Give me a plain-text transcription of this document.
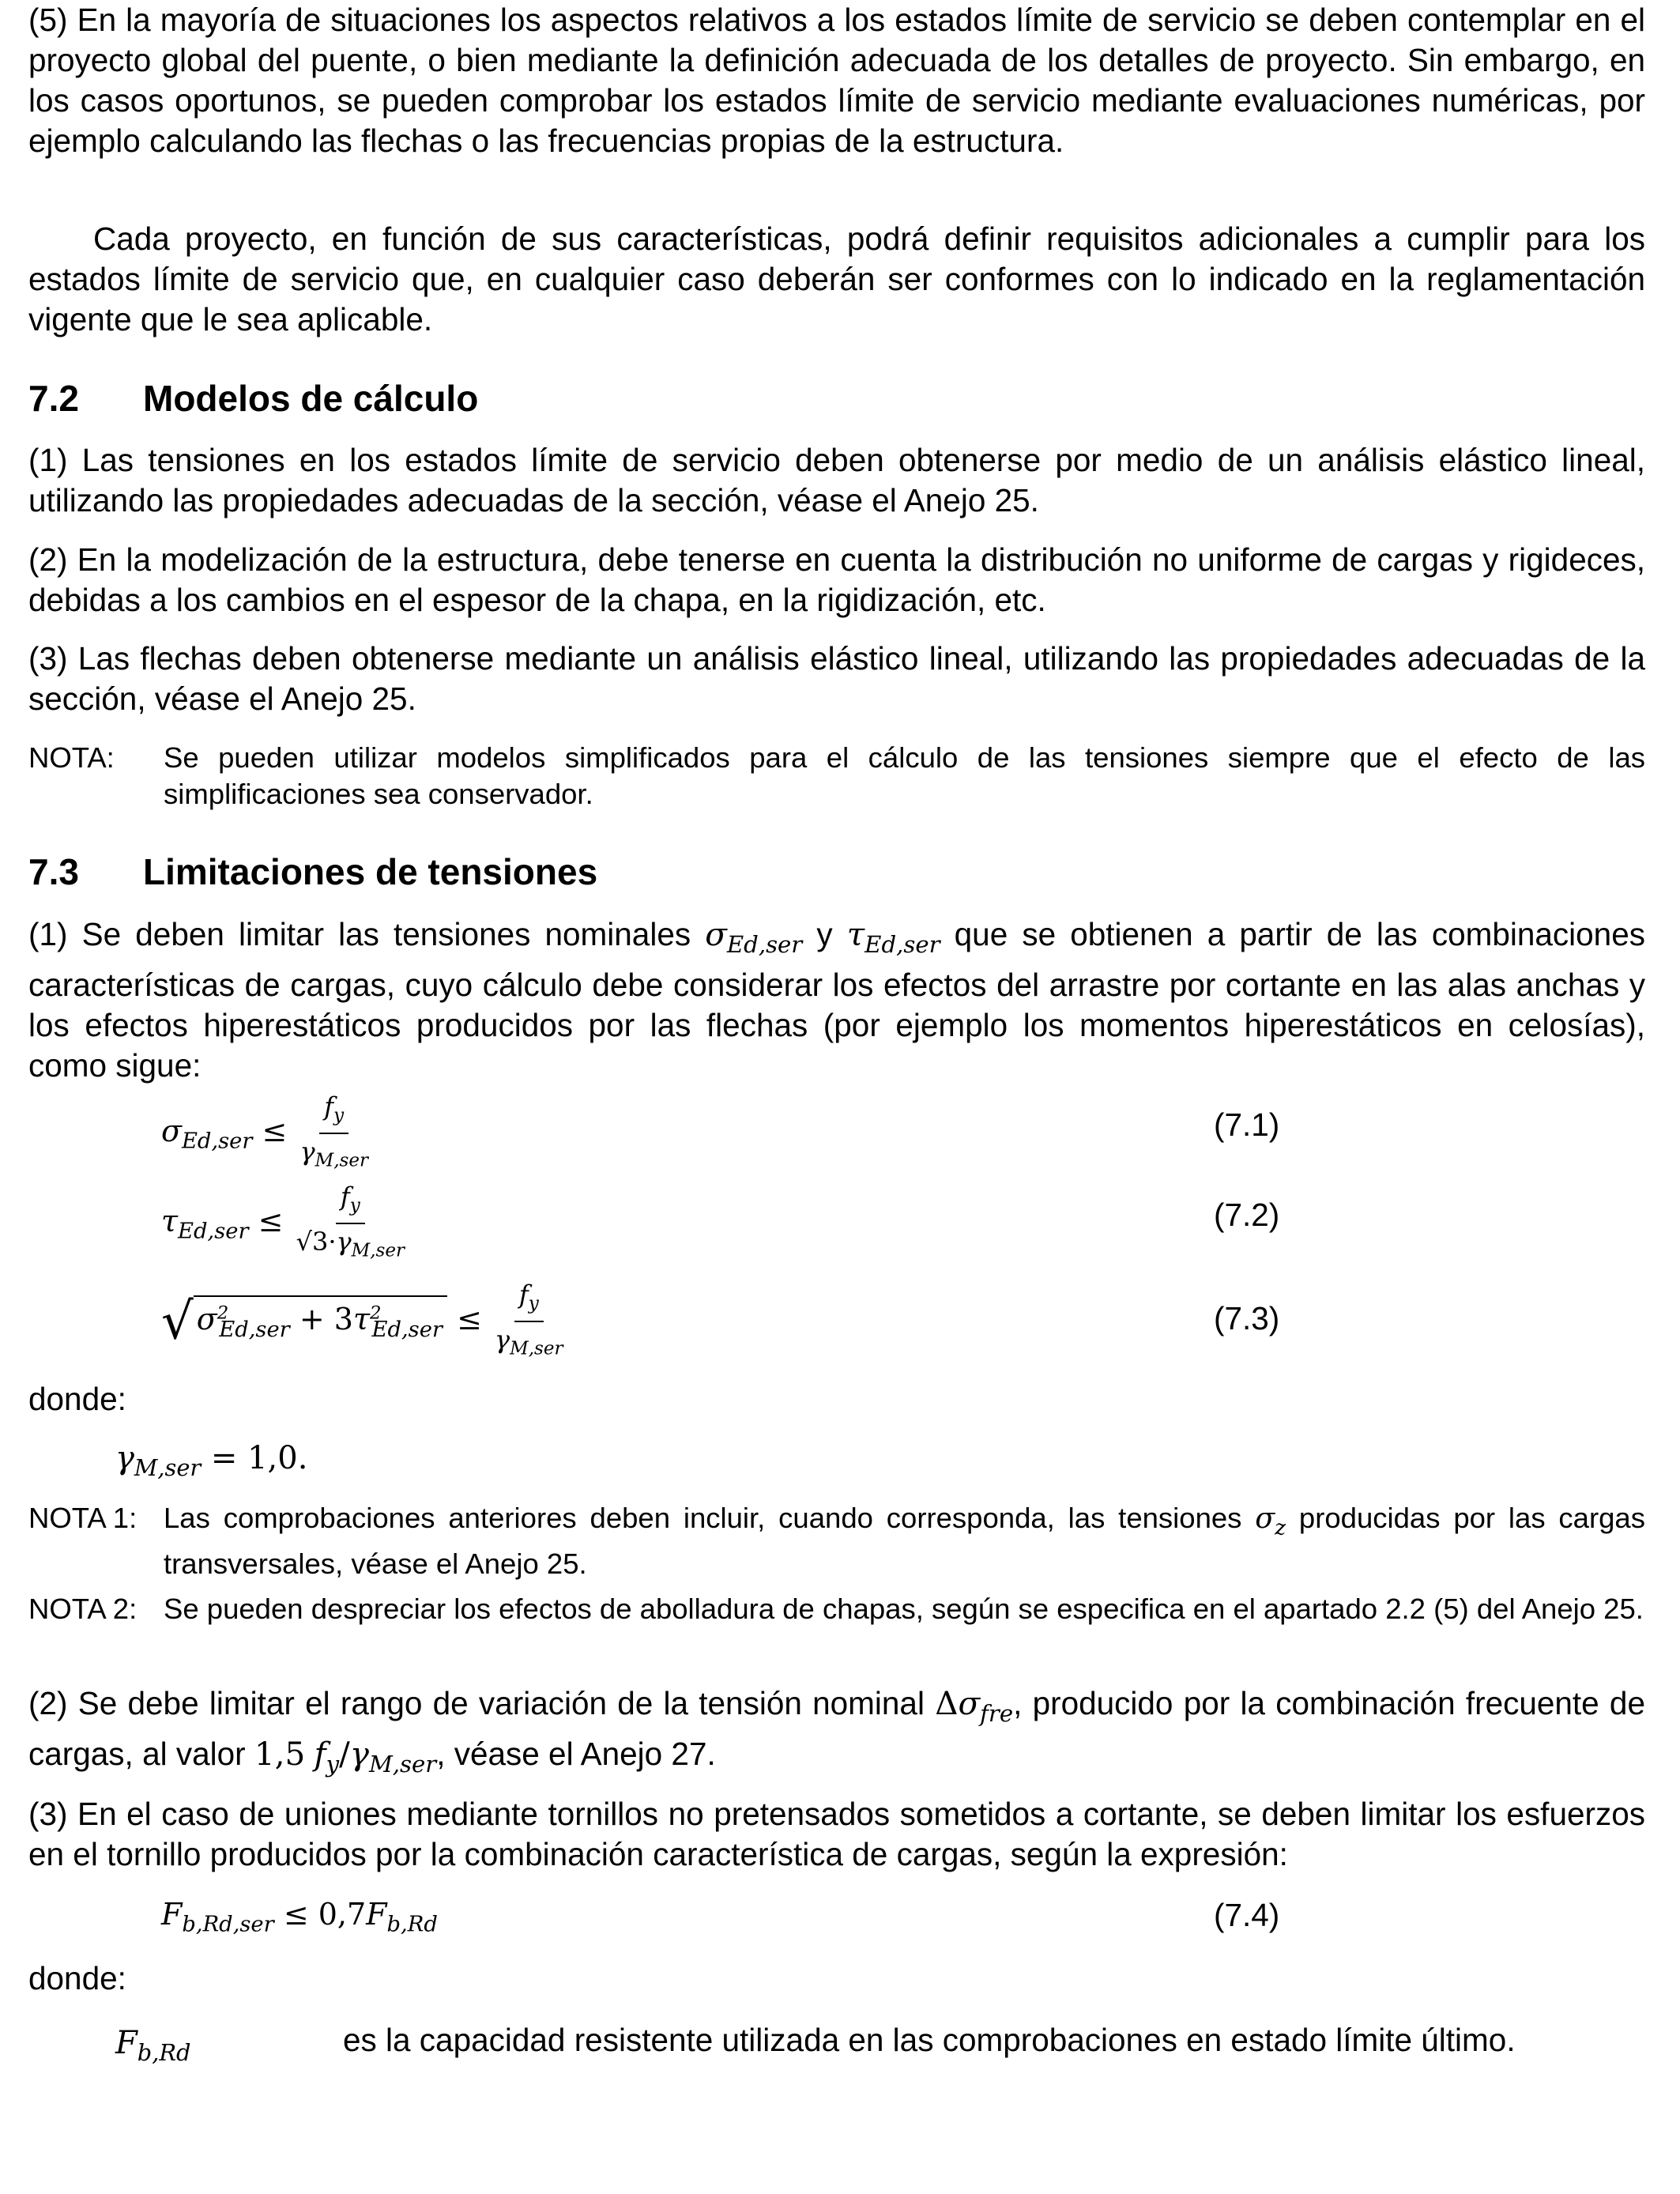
(5) En la mayoría de situaciones los aspectos relativos a los estados límite de servicio se deben contemplar en el proyecto global del puente, o bien mediante la definición adecuada de los detalles de proyecto. Sin embargo, en los casos oportunos, se pueden comprobar los estados límite de servicio mediante evaluaciones numéricas, por ejemplo calculando las flechas o las frecuencias propias de la estructura.

Cada proyecto, en función de sus características, podrá definir requisitos adicionales a cumplir para los estados límite de servicio que, en cualquier caso deberán ser conformes con lo indicado en la reglamentación vigente que le sea aplicable.

7.2 Modelos de cálculo

(1) Las tensiones en los estados límite de servicio deben obtenerse por medio de un análisis elástico lineal, utilizando las propiedades adecuadas de la sección, véase el Anejo 25.

(2) En la modelización de la estructura, debe tenerse en cuenta la distribución no uniforme de cargas y rigideces, debidas a los cambios en el espesor de la chapa, en la rigidización, etc.

(3) Las flechas deben obtenerse mediante un análisis elástico lineal, utilizando las propiedades adecuadas de la sección, véase el Anejo 25.

NOTA:	Se pueden utilizar modelos simplificados para el cálculo de las tensiones siempre que el efecto de las simplificaciones sea conservador.
7.3 Limitaciones de tensiones

(1) Se deben limitar las tensiones nominales $\sigma_{Ed,ser}$ y $\tau_{Ed,ser}$ que se obtienen a partir de las combinaciones características de cargas, cuyo cálculo debe considerar los efectos del arrastre por cortante en las alas anchas y los efectos hiperestáticos producidos por las flechas (por ejemplo los momentos hiperestáticos en celosías), como sigue:

$\sigma_{Ed,ser} \le \frac{f_y}{\gamma_{M,ser}}$	(7.1)
$\tau_{Ed,ser} \le \frac{f_y}{√3\cdot\gamma_{M,ser}}$	(7.2)
√ $\sigma^2_{Ed,ser} + 3\tau^2_{Ed,ser} \le \frac{f_y}{\gamma_{M,ser}}$	(7.3)

donde:

$\gamma_{M,ser} = 1,0$.
NOTA 1: Las comprobaciones anteriores deben incluir, cuando corresponda, las tensiones $\sigma_z$ producidas por las cargas transversales, véase el Anejo 25.
NOTA 2: Se pueden despreciar los efectos de abolladura de chapas, según se especifica en el apartado 2.2 (5) del Anejo 25.

(2) Se debe limitar el rango de variación de la tensión nominal $\Delta\sigma_{fre}$, producido por la combinación frecuente de cargas, al valor 1,5 $f_y/\gamma_{M,ser}$, véase el Anejo 27.

(3) En el caso de uniones mediante tornillos no pretensados sometidos a cortante, se deben limitar los esfuerzos en el tornillo producidos por la combinación característica de cargas, según la expresión:

$F_{b,Rd,ser} \le 0,7F_{b,Rd}$	(7.4)

donde:

$F_{b,Rd}$	es la capacidad resistente utilizada en las comprobaciones en estado límite último.
